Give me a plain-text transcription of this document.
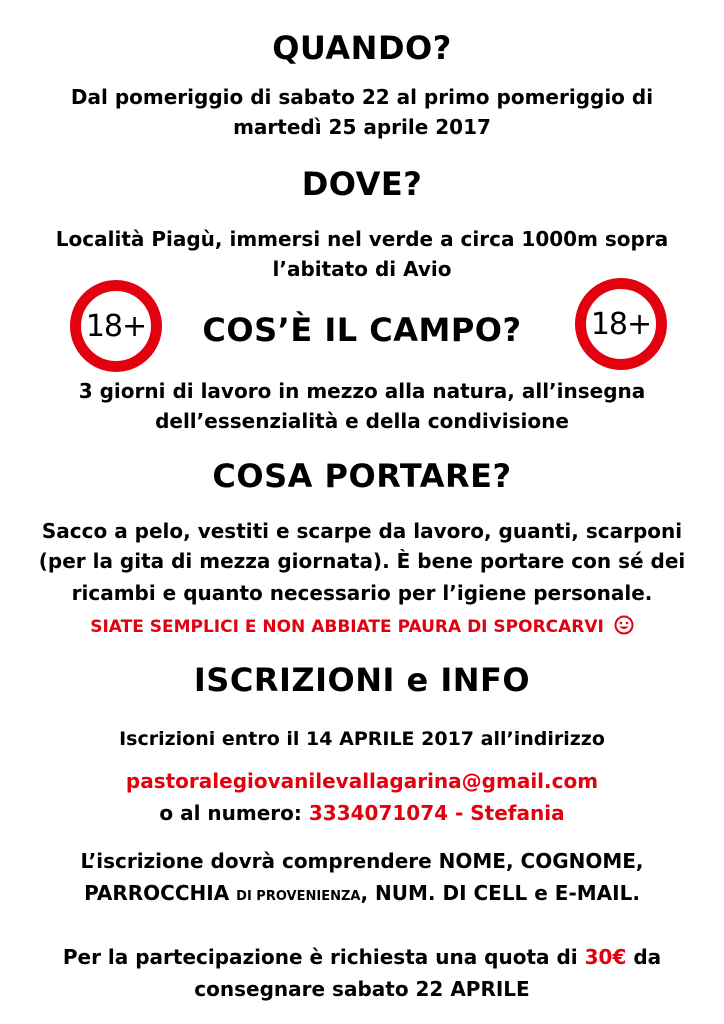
QUANDO?
Dal pomeriggio di sabato 22 al primo pomeriggio di
martedì 25 aprile 2017
DOVE?
Località Piagù, immersi nel verde a circa 1000m sopra
l’abitato di Avio
18+	18+
COS’È IL CAMPO?
3 giorni di lavoro in mezzo alla natura, all’insegna
dell’essenzialità e della condivisione
COSA PORTARE?
Sacco a pelo, vestiti e scarpe da lavoro, guanti, scarponi
(per la gita di mezza giornata). È bene portare con sé dei
ricambi e quanto necessario per l’igiene personale.
SIATE SEMPLICI E NON ABBIATE PAURA DI SPORCARVI
ISCRIZIONI e INFO
Iscrizioni entro il 14 APRILE 2017 all’indirizzo
pastoralegiovanilevallagarina@gmail.com
o al numero: 3334071074 - Stefania
L’iscrizione dovrà comprendere NOME, COGNOME,
PARROCCHIA DI PROVENIENZA, NUM. DI CELL e E-MAIL.
Per la partecipazione è richiesta una quota di 30€ da
consegnare sabato 22 APRILE
